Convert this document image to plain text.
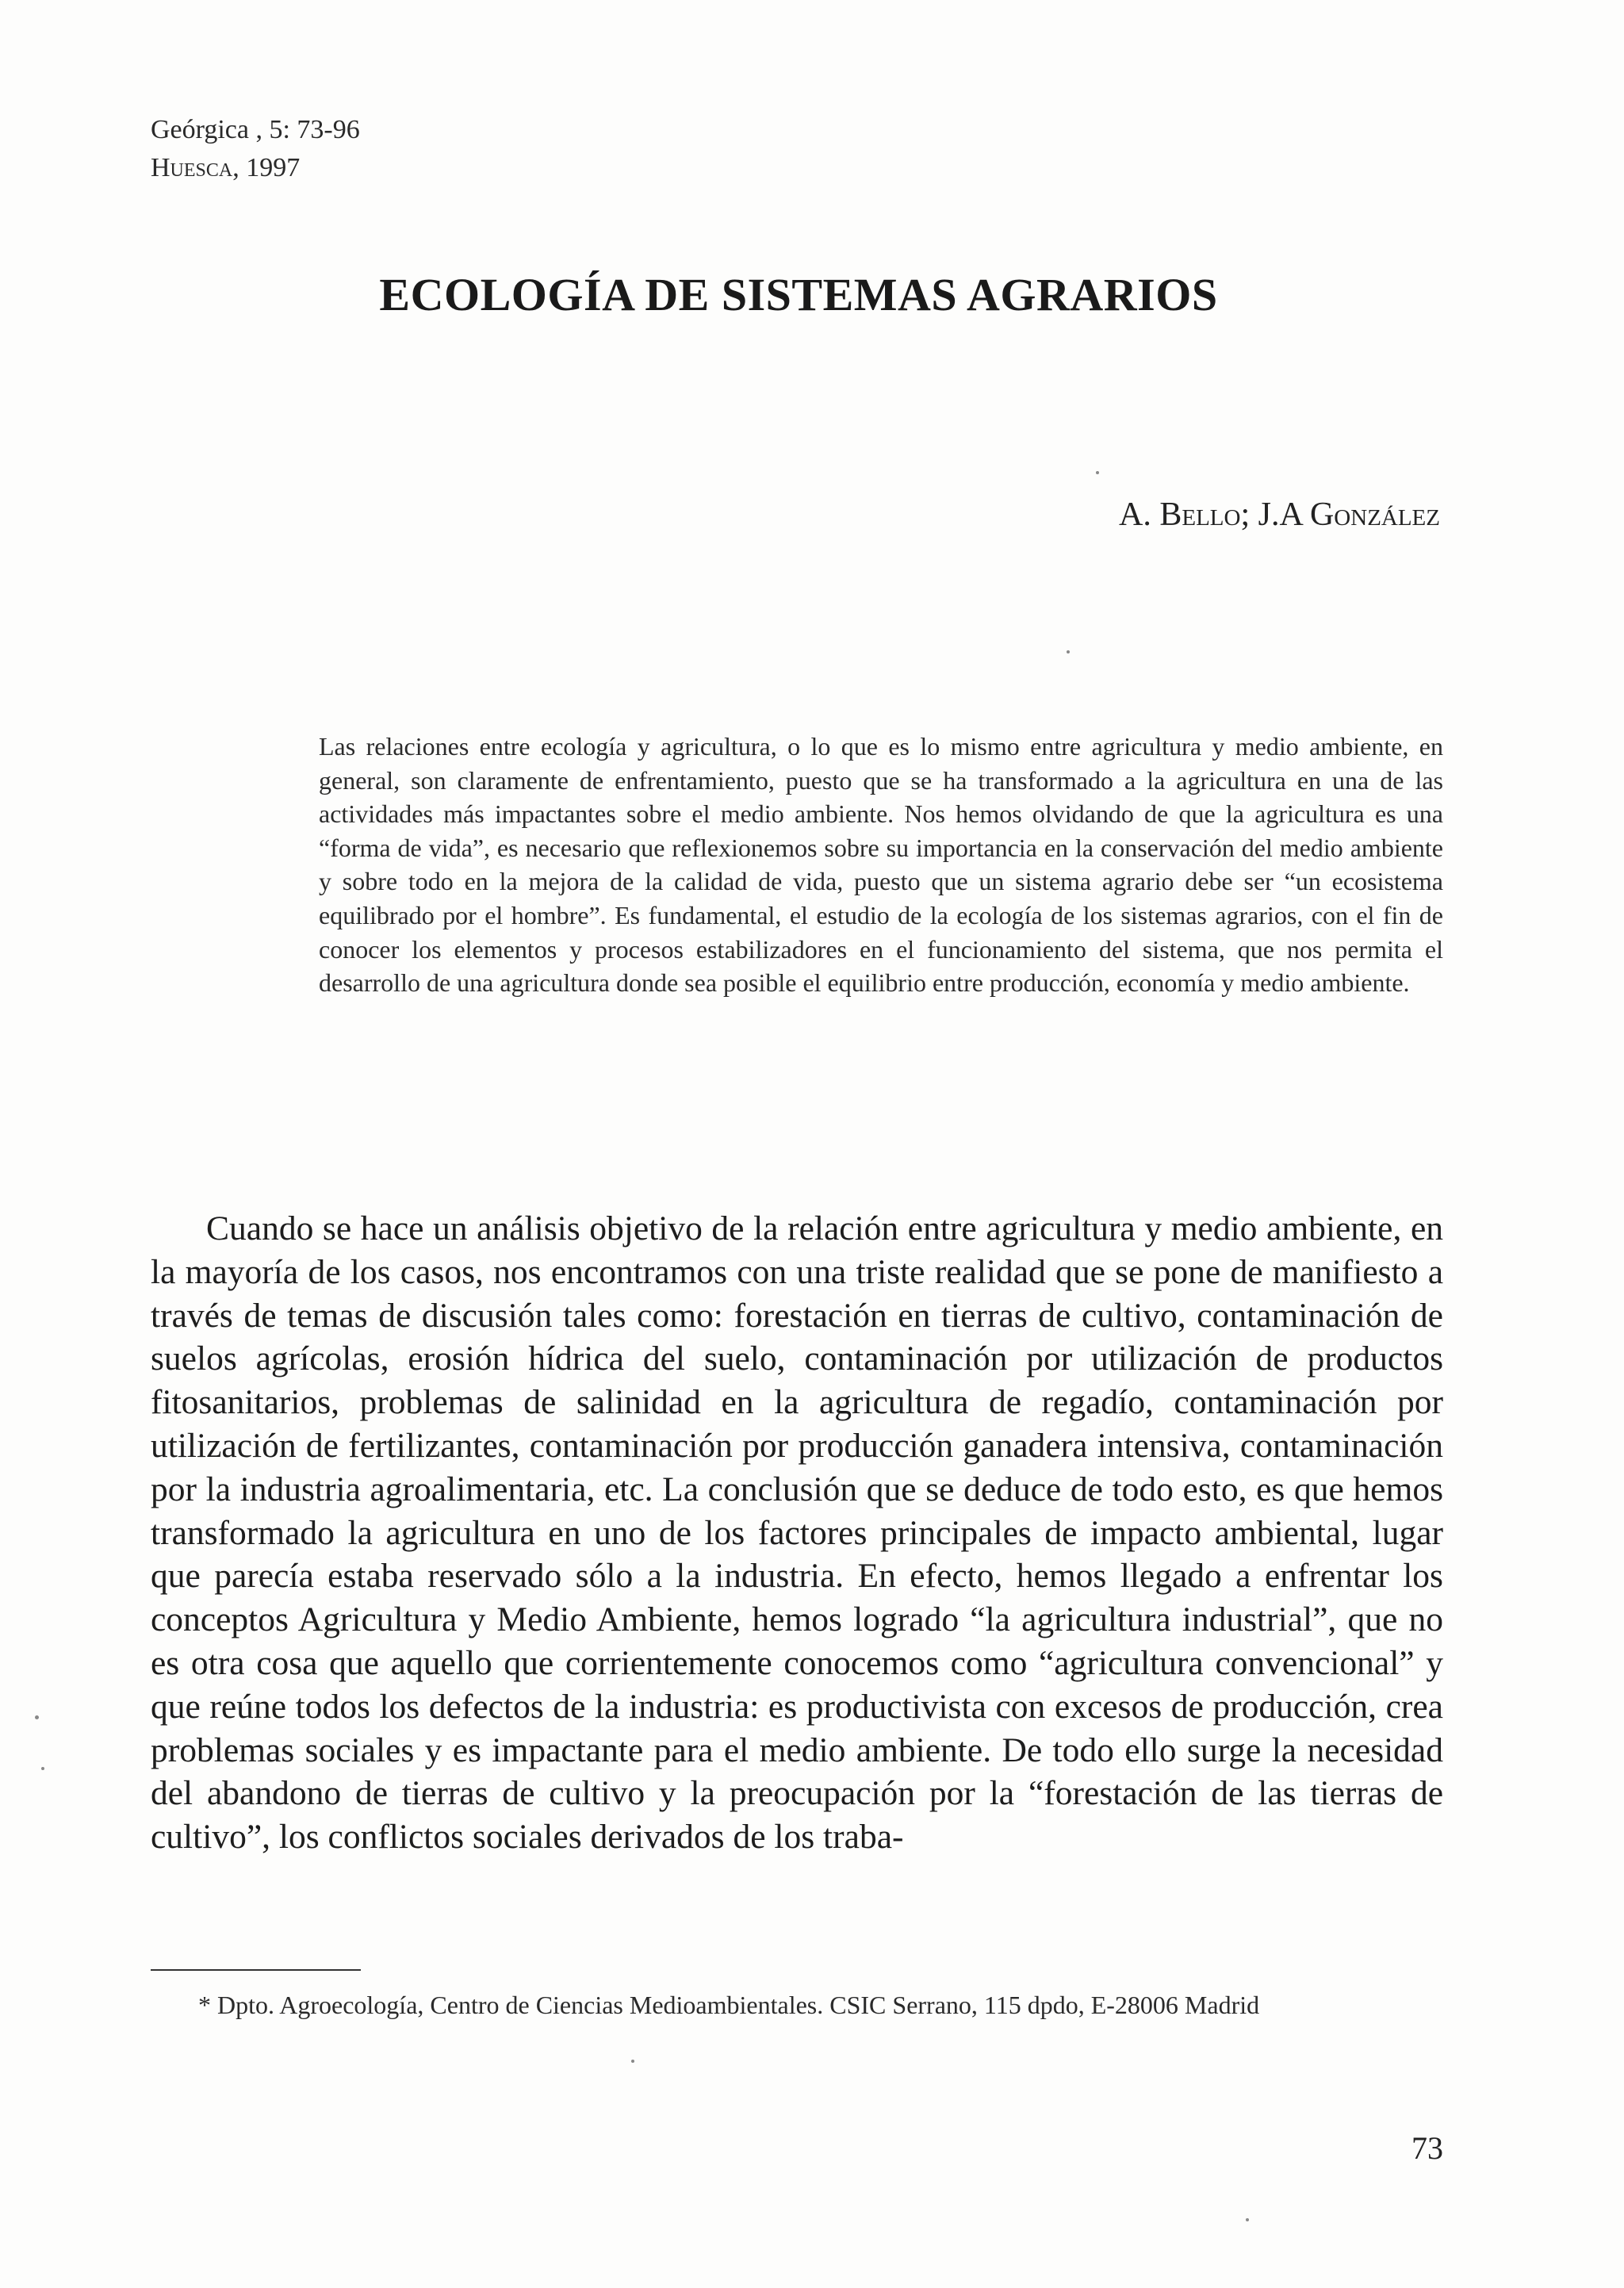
Geórgica , 5: 73-96
Huesca, 1997
ECOLOGÍA DE SISTEMAS AGRARIOS
A. Bello; J.A González
Las relaciones entre ecología y agricultura, o lo que es lo mismo entre agricultura y medio ambiente, en general, son claramente de enfrentamiento, puesto que se ha transformado a la agricultura en una de las actividades más impactantes sobre el medio ambiente. Nos hemos olvidando de que la agricultura es una “forma de vida”, es necesario que reflexionemos sobre su importancia en la conservación del medio ambiente y sobre todo en la mejora de la calidad de vida, puesto que un sistema agrario debe ser “un ecosistema equilibrado por el hombre”. Es fundamental, el estudio de la ecología de los sistemas agrarios, con el fin de conocer los elementos y procesos estabilizadores en el funcionamiento del sistema, que nos permita el desarrollo de una agricultura donde sea posible el equilibrio entre producción, economía y medio ambiente.
Cuando se hace un análisis objetivo de la relación entre agricultura y medio ambiente, en la mayoría de los casos, nos encontramos con una triste realidad que se pone de manifiesto a través de temas de discusión tales como: forestación en tierras de cultivo, contaminación de suelos agrícolas, erosión hídrica del suelo, contaminación por utilización de productos fitosanitarios, problemas de salinidad en la agricultura de regadío, contaminación por utilización de fertilizantes, contaminación por producción ganadera intensiva, contaminación por la industria agroalimentaria, etc. La conclusión que se deduce de todo esto, es que hemos transformado la agricultura en uno de los factores principales de impacto ambiental, lugar que parecía estaba reservado sólo a la industria. En efecto, hemos llegado a enfrentar los conceptos Agricultura y Medio Ambiente, hemos logrado “la agricultura industrial”, que no es otra cosa que aquello que corrientemente conocemos como “agricultura convencional” y que reúne todos los defectos de la industria: es productivista con excesos de producción, crea problemas sociales y es impactante para el medio ambiente. De todo ello surge la necesidad del abandono de tierras de cultivo y la preocupación por la “forestación de las tierras de cultivo”, los conflictos sociales derivados de los traba-
* Dpto. Agroecología, Centro de Ciencias Medioambientales. CSIC Serrano, 115 dpdo, E-28006 Madrid
73
